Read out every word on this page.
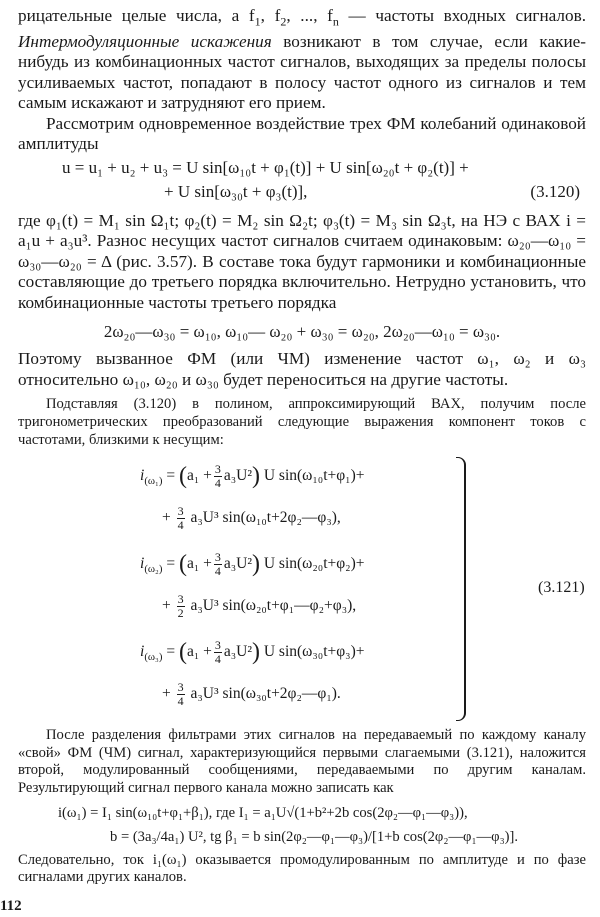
рицательные целые числа, а $f_1$, $f_2$, ..., $f_n$ — частоты входных сигналов. Интермодуляционные искажения возникают в том случае, если какие-нибудь из комбинационных частот сигналов, выходящих за пределы полосы усиливаемых частот, попадают в полосу частот одного из сигналов и тем самым искажают и затрудняют его прием.

Рассмотрим одновременное воздействие трех ФМ колебаний одинаковой амплитуды

u = u₁ + u₂ + u₃ = U sin[ω₁₀t + φ₁(t)] + U sin[ω₂₀t + φ₂(t)] +
+ U sin[ω₃₀t + φ₃(t)],	(3.120)

где φ₁(t) = M₁ sin Ω₁t; φ₂(t) = M₂ sin Ω₂t; φ₃(t) = M₃ sin Ω₃t, на НЭ с ВАХ i = a₁u + a₃u³. Разнос несущих частот сигналов считаем одинаковым: ω₂₀—ω₁₀ = ω₃₀—ω₂₀ = Δ (рис. 3.57). В составе тока будут гармоники и комбинационные составляющие до третьего порядка включительно. Нетрудно установить, что комбинационные частоты третьего порядка

2ω₂₀—ω₃₀ = ω₁₀, ω₁₀— ω₂₀ + ω₃₀ = ω₂₀, 2ω₂₀—ω₁₀ = ω₃₀.

Поэтому вызванное ФМ (или ЧМ) изменение частот ω₁, ω₂ и ω₃ относительно ω₁₀, ω₂₀ и ω₃₀ будет переноситься на другие частоты.

Подставляя (3.120) в полином, аппроксимирующий ВАХ, получим после тригонометрических преобразований следующие выражения компонент токов с частотами, близкими к несущим:

$i_{(\omega_1)} = (a_1 + \frac{3}{4} a_3U^2)$ U sin(ω₁₀t+φ₁)+
+ $\frac{3}{4} a_3U^3$ sin(ω₁₀t+2φ₂—φ₃),
$i_{(\omega_2)} = (a_1 + \frac{3}{4} a_3U^2)$ U sin(ω₂₀t+φ₂)+
+ $\frac{3}{2} a_3U^3$ sin(ω₂₀t+φ₁—φ₂+φ₃),
$i_{(\omega_3)} = (a_1 + \frac{3}{4} a_3U^2)$ U sin(ω₃₀t+φ₃)+
+ $\frac{3}{4} a_3U^3$ sin(ω₃₀t+2φ₂—φ₁).
(3.121)

После разделения фильтрами этих сигналов на передаваемый по каждому каналу «свой» ФМ (ЧМ) сигнал, характеризующийся первыми слагаемыми (3.121), наложится второй, модулированный сообщениями, передаваемыми по другим каналам. Результирующий сигнал первого канала можно записать как

i(ω₁) = I₁ sin(ω₁₀t+φ₁+β₁), где I₁ = a₁U√(1+b²+2b cos(2φ₂—φ₁—φ₃)),
b = (3a₃/4a₁) U², tg β₁ = b sin(2φ₂—φ₁—φ₃)/[1+b cos(2φ₂—φ₁—φ₃)].

Следовательно, ток i₁(ω₁) оказывается промодулированным по амплитуде и по фазе сигналами других каналов.

112
